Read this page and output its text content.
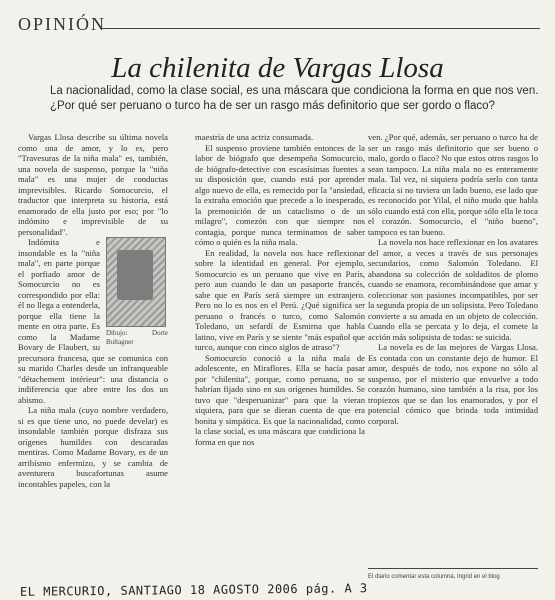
OPINIÓN
La chilenita de Vargas Llosa
La nacionalidad, como la clase social, es una máscara que condiciona la forma en que nos ven. ¿Por qué ser peruano o turco ha de ser un rasgo más definitorio que ser gordo o flaco?

Vargas Llosa describe su última novela como una de amor, y lo es, pero "Travesuras de la niña mala" es, también, una novela de suspenso, porque la "niña mala" es una mujer de conductas imprevisibles. Ricardo Somocurcio, el traductor que interpreta su historia, está enamorado de ella justo por eso; por "lo indómito e imprevisible de su personalidad".

Dibujo: Dorte Bultagner

Indómita e insondable es la "niña mala", en parte porque el porfiado amor de Somocurcio no es correspondido por ella: él no llega a entenderla, porque ella tiene la mente en otra parte. Es como la Madame Bovary de Flaubert, su precursora francesa, que se comunica con su marido Charles desde un infranqueable "détachement intérieur": una distancia o indiferencia que abre entre los dos un abismo.

La niña mala (cuyo nombre verdadero, si es que tiene uno, no puede develar) es insondable también porque disfraza sus orígenes humildes con descaradas mentiras. Como Madame Bovary, es de un arribismo enfermizo, y se cambia de aventurera buscafortunas asume incontables papeles, con la

maestría de una actriz consumada.

El suspenso proviene también entonces de la labor de biógrafo que desempeña Somocurcio, de biógrafo-detective con escasísimas fuentes a su disposición que, cuando está por aprender algo nuevo de ella, es remecido por la "ansiedad, la extraña emoción que precede a lo inesperado, la premonición de un cataclismo o de un milagro", comezón con que siempre nos contagia, porque nunca terminamos de saber cómo o quién es la niña mala.

En realidad, la novela nos hace reflexionar sobre la identidad en general. Por ejemplo, Somocurcio es un peruano que vive en París, pero aun cuando le dan un pasaporte francés, sabe que en París será siempre un extranjero. Pero no lo es nos en el Perú. ¿Qué significa ser peruano o francés o turco, como Salomón Toledano, un sefardí de Esmirna que habla latino, vive en París y se siente "más español que turco, aunque con cinco siglos de atraso"?

Somocurcio conoció a la niña mala de adolescente, en Miraflores. Ella se hacía pasar por "chilenita", porque, como peruana, no se habrían fijado sino en sus orígenes humildes. Se tuvo que "desperuanizar" para que la vieran siquiera, para que se dieran cuenta de que era bonita y simpática. Es que la nacionalidad, como la clase social, es una máscara que condiciona la forma en que nos

ven. ¿Por qué, además, ser peruano o turco ha de ser un rasgo más definitorio que ser bueno o malo, gordo o flaco? No que estos otros rasgos lo sean tampoco. La niña mala no es enteramente mala. Tal vez, ni siquiera podría serlo con tanta eficacia si no tuviera un lado bueno, ese lado que es reconocido por Yilal, el niño mudo que habla sólo cuando está con ella, porque sólo ella le toca el corazón. Somocurcio, el "niño bueno", tampoco es tan bueno.

La novela nos hace reflexionar en los avatares del amor, a veces a través de sus personajes secundarios, como Salomón Toledano. El abandona su colección de soldaditos de plomo cuando se enamora, recombinándose que amar y coleccionar son pasiones incompatibles, por ser la segunda propia de un solipsista. Pero Toledano convierte a su amada en un objeto de colección. Cuando ella se percata y lo deja, el comete la acción más solipsista de todas: se suicida.

La novela es de las mejores de Vargas Llosa. Es contada con un constante dejo de humor. El amor, después de todo, nos expone no sólo al suspenso, por el misterio que envuelve a todo corazón humano, sino también a la risa, por los tropiezos que se dan los enamorados, y por el potencial cómico que brinda toda intimidad corporal.

El diario comentar esta columna, Ingrid en el blog
EL MERCURIO, SANTIAGO 18 AGOSTO 2006 pág. A 3
